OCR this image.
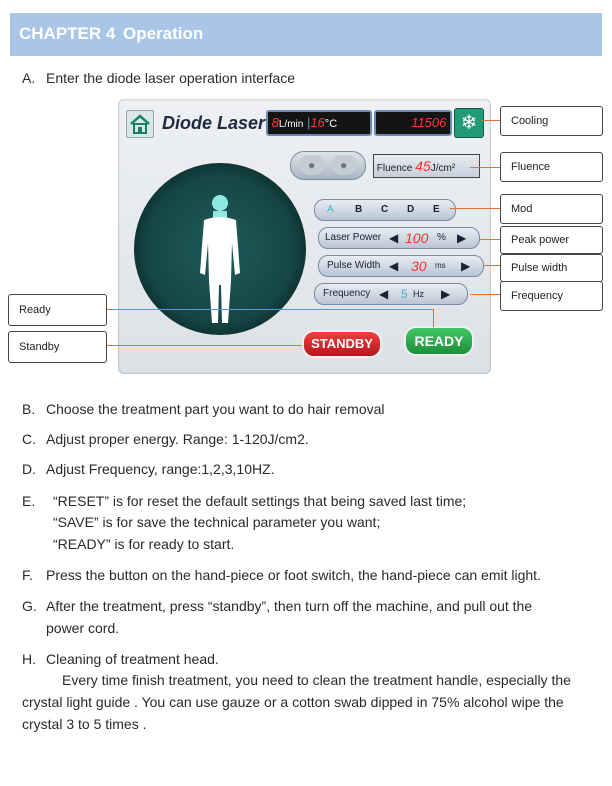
CHAPTER 4 Operation
A. Enter the diode laser operation interface
Diode Laser 8L/min |16°C	11506 ❄
● ●	Fluence 45J/cm²
A B C D E
Laser Power ◀ 100 % ▶
Pulse Width ◀ 30 ms ▶
Frequency ◀ 5 Hz ▶
STANDBY	READY
Cooling
Fluence
Mod
Peak power
Pulse width
Frequency
Ready
Standby
B. Choose the treatment part you want to do hair removal
C. Adjust proper energy. Range: 1-120J/cm2.
D. Adjust Frequency, range:1,2,3,10HZ.
E. “RESET” is for reset the default settings that being saved last time;
“SAVE” is for save the technical parameter you want;
“READY” is for ready to start.
F. Press the button on the hand-piece or foot switch, the hand-piece can emit light.
G. After the treatment, press “standby”, then turn off the machine, and pull out the
power cord.
H. Cleaning of treatment head.
Every time finish treatment, you need to clean the treatment handle, especially the
crystal light guide . You can use gauze or a cotton swab dipped in 75% alcohol wipe the
crystal 3 to 5 times .
